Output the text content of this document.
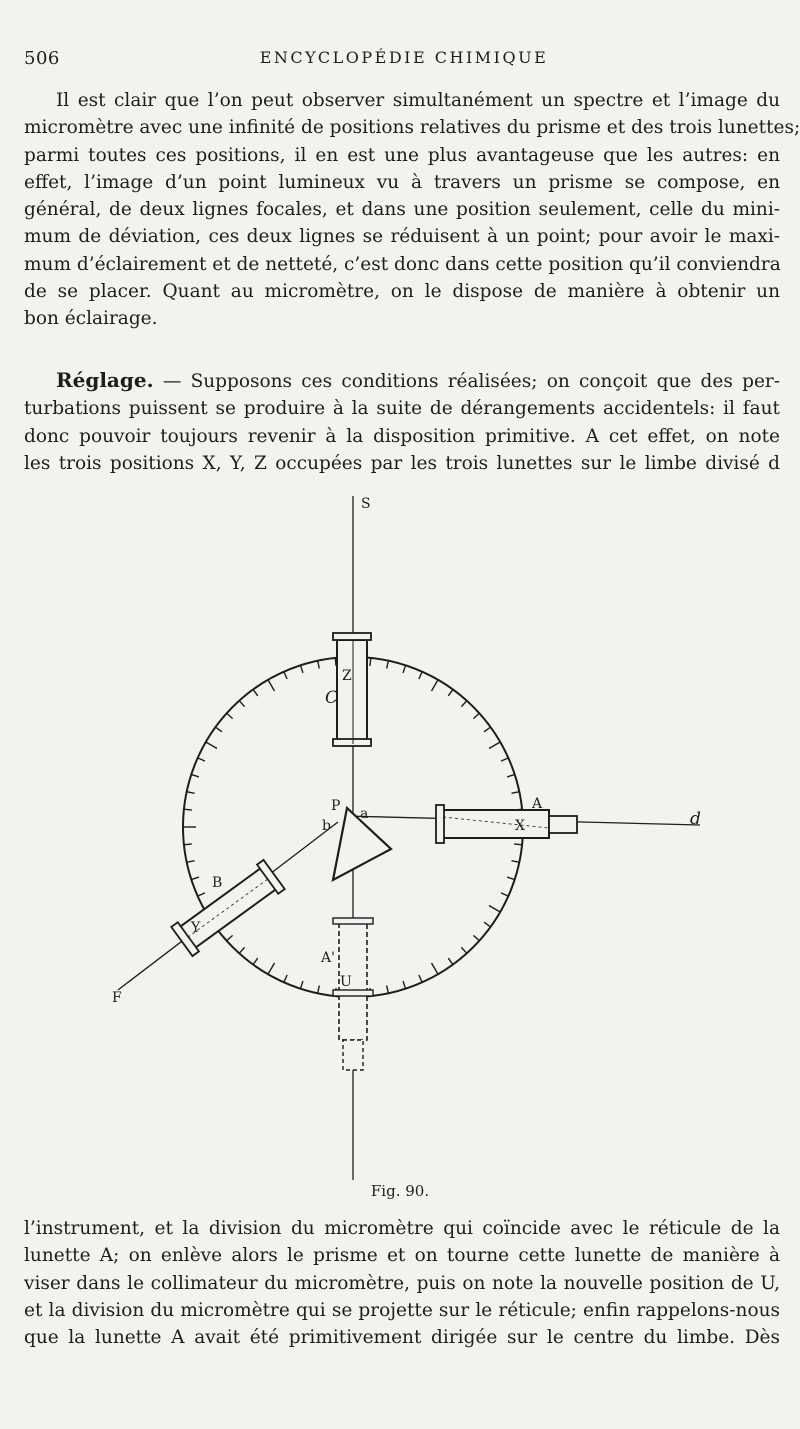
506	ENCYCLOPÉDIE CHIMIQUE
Il est clair que l’on peut observer simultanément un spectre et l’image du
micromètre avec une infinité de positions relatives du prisme et des trois lunettes;
parmi toutes ces positions, il en est une plus avantageuse que les autres: en
effet, l’image d’un point lumineux vu à travers un prisme se compose, en
général, de deux lignes focales, et dans une position seulement, celle du mini-
mum de déviation, ces deux lignes se réduisent à un point; pour avoir le maxi-
mum d’éclairement et de netteté, c’est donc dans cette position qu’il conviendra
de se placer. Quant au micromètre, on le dispose de manière à obtenir un
bon éclairage.
Réglage. — Supposons ces conditions réalisées; on conçoit que des per-
turbations puissent se produire à la suite de dérangements accidentels: il faut
donc pouvoir toujours revenir à la disposition primitive. A cet effet, on note
les trois positions X, Y, Z occupées par les trois lunettes sur le limbe divisé d
S
C
Z
P a
b
A
X	d
B
Y
A'
U
F
Fig. 90.
l’instrument, et la division du micromètre qui coïncide avec le réticule de la
lunette A; on enlève alors le prisme et on tourne cette lunette de manière à
viser dans le collimateur du micromètre, puis on note la nouvelle position de U,
et la division du micromètre qui se projette sur le réticule; enfin rappelons-nous
que la lunette A avait été primitivement dirigée sur le centre du limbe. Dès
